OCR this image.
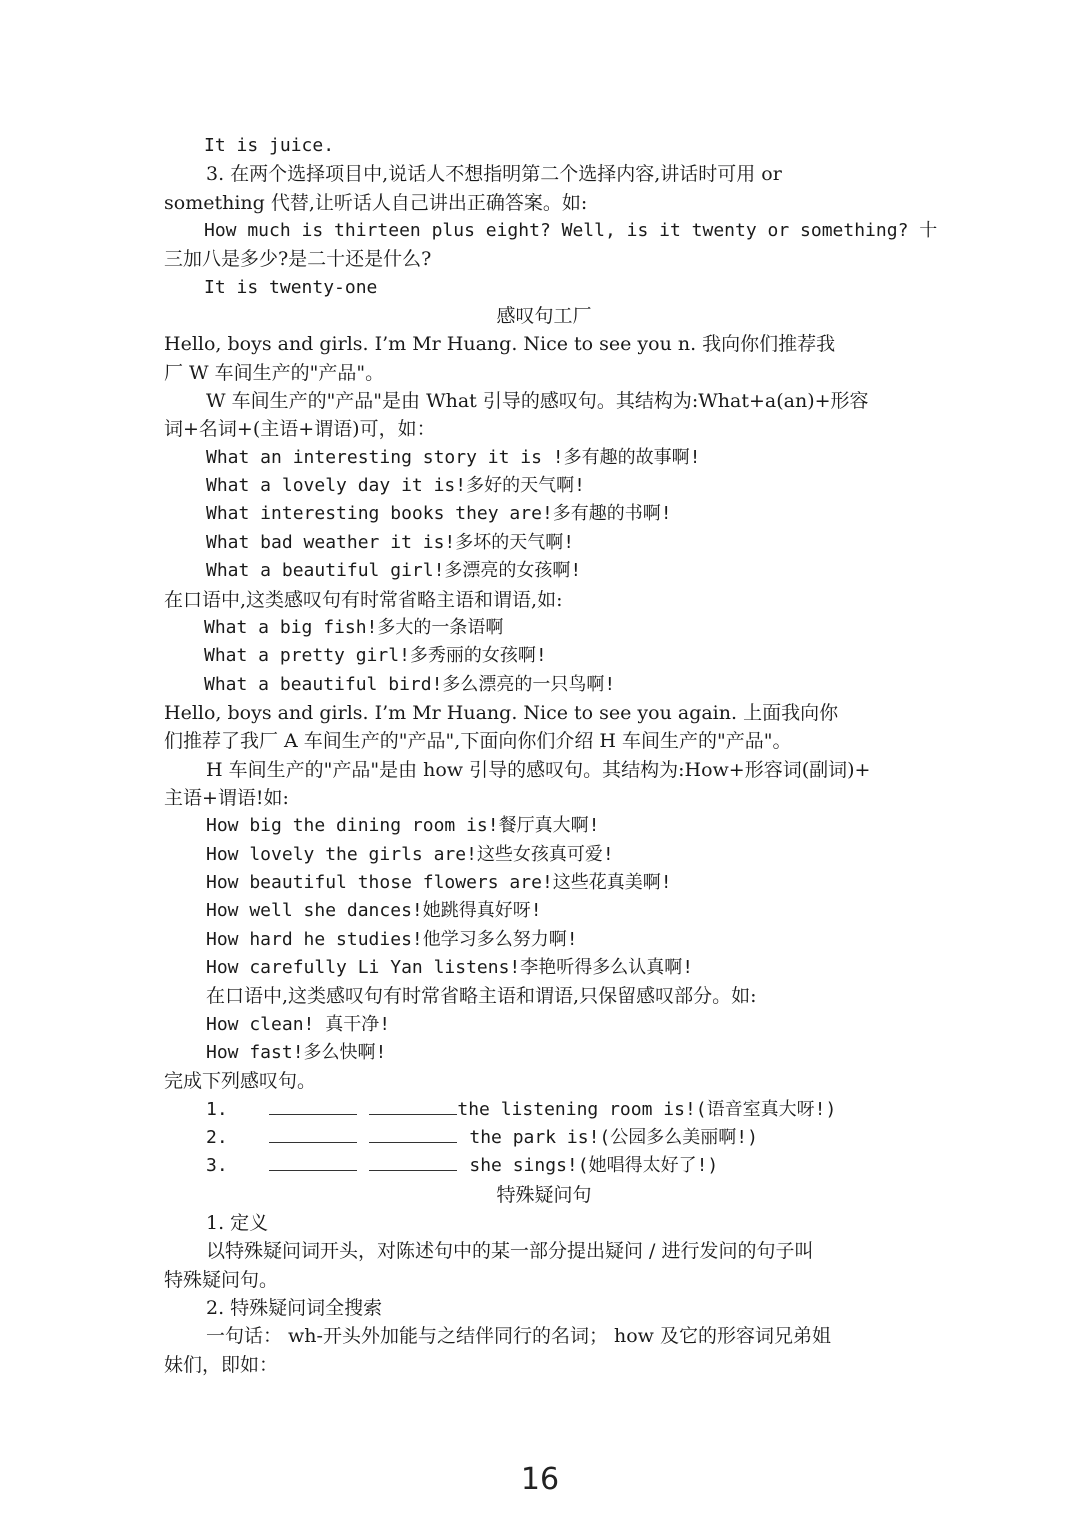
It is juice.
3. 在两个选择项目中,说话人不想指明第二个选择内容,讲话时可用 or
something 代替,让听话人自己讲出正确答案。如:
How much is thirteen plus eight? Well, is it twenty or something? 十
三加八是多少?是二十还是什么?
It is twenty-one
感叹句工厂
Hello, boys and girls. I’m Mr Huang. Nice to see you n. 我向你们推荐我
厂 W 车间生产的"产品"。
W 车间生产的"产品"是由 What 引导的感叹句。其结构为:What+a(an)+形容
词+名词+(主语+谓语)可，如：
What an interesting story it is !多有趣的故事啊!
What a lovely day it is!多好的天气啊!
What interesting books they are!多有趣的书啊!
What bad weather it is!多坏的天气啊!
What a beautiful girl!多漂亮的女孩啊!
在口语中,这类感叹句有时常省略主语和谓语,如:
What a big fish!多大的一条语啊
What a pretty girl!多秀丽的女孩啊!
What a beautiful bird!多么漂亮的一只鸟啊!
Hello, boys and girls. I’m Mr Huang. Nice to see you again. 上面我向你
们推荐了我厂 A 车间生产的"产品",下面向你们介绍 H 车间生产的"产品"。
H 车间生产的"产品"是由 how 引导的感叹句。其结构为:How+形容词(副词)+
主语+谓语!如:
How big the dining room is!餐厅真大啊!
How lovely the girls are!这些女孩真可爱!
How beautiful those flowers are!这些花真美啊!
How well she dances!她跳得真好呀!
How hard he studies!他学习多么努力啊!
How carefully Li Yan listens!李艳听得多么认真啊!
在口语中,这类感叹句有时常省略主语和谓语,只保留感叹部分。如:
How clean! 真干净!
How fast!多么快啊!
完成下列感叹句。
1.	the listening room is!(语音室真大呀!)
2.	the park is!(公园多么美丽啊!)
3.	she sings!(她唱得太好了!)
特殊疑问句
1. 定义
以特殊疑问词开头，对陈述句中的某一部分提出疑问 / 进行发问的句子叫
特殊疑问句。
2. 特殊疑问词全搜索
一句话： wh-开头外加能与之结伴同行的名词； how 及它的形容词兄弟姐
妹们，即如：
16
